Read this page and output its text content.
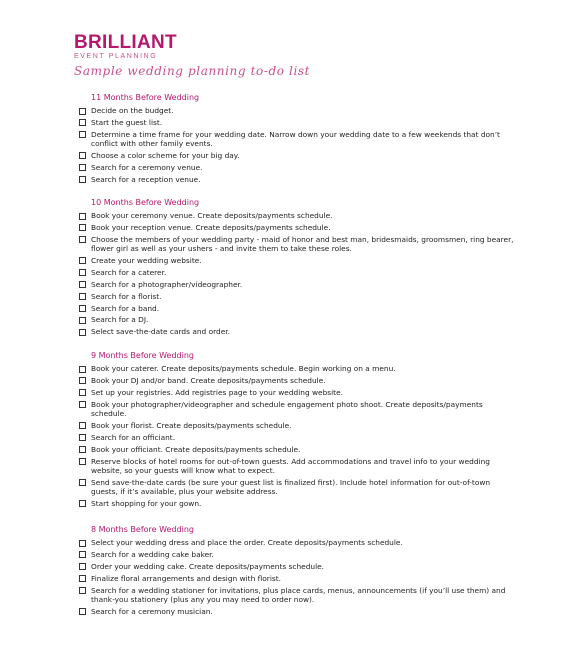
BRILLIANT
EVENT PLANNING
Sample wedding planning to-do list
11 Months Before Wedding
Decide on the budget.
Start the guest list.
Determine a time frame for your wedding date. Narrow down your wedding date to a few weekends that don’t
conflict with other family events.
Choose a color scheme for your big day.
Search for a ceremony venue.
Search for a reception venue.
10 Months Before Wedding
Book your ceremony venue. Create deposits/payments schedule.
Book your reception venue. Create deposits/payments schedule.
Choose the members of your wedding party - maid of honor and best man, bridesmaids, groomsmen, ring bearer,
flower girl as well as your ushers - and invite them to take these roles.
Create your wedding website.
Search for a caterer.
Search for a photographer/videographer.
Search for a florist.
Search for a band.
Search for a DJ.
Select save-the-date cards and order.
9 Months Before Wedding
Book your caterer. Create deposits/payments schedule. Begin working on a menu.
Book your DJ and/or band. Create deposits/payments schedule.
Set up your registries. Add registries page to your wedding website.
Book your photographer/videographer and schedule engagement photo shoot. Create deposits/payments
schedule.
Book your florist. Create deposits/payments schedule.
Search for an officiant.
Book your officiant. Create deposits/payments schedule.
Reserve blocks of hotel rooms for out-of-town guests. Add accommodations and travel info to your wedding
website, so your guests will know what to expect.
Send save-the-date cards (be sure your guest list is finalized first). Include hotel information for out-of-town
guests, if it’s available, plus your website address.
Start shopping for your gown.
8 Months Before Wedding
Select your wedding dress and place the order. Create deposits/payments schedule.
Search for a wedding cake baker.
Order your wedding cake. Create deposits/payments schedule.
Finalize floral arrangements and design with florist.
Search for a wedding stationer for invitations, plus place cards, menus, announcements (if you’ll use them) and
thank-you stationery (plus any you may need to order now).
Search for a ceremony musician.
